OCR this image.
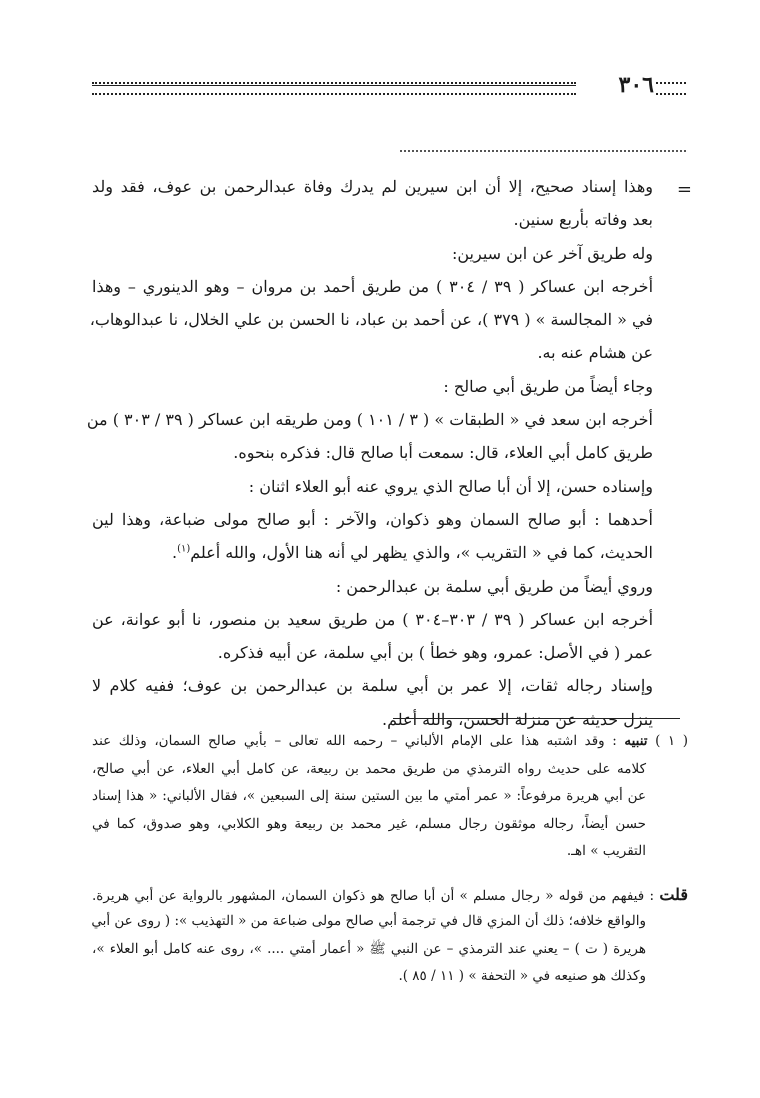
٣٠٦
=
وهذا إسناد صحيح، إلا أن ابن سيرين لم يدرك وفاة عبدالرحمن بن عوف، فقد ولد
بعد وفاته بأربع سنين.
وله طريق آخر عن ابن سيرين:
أخرجه ابن عساكر ( ٣٩ / ٣٠٤ ) من طريق أحمد بن مروان – وهو الدينوري – وهذا
في « المجالسة » ( ٣٧٩ )، عن أحمد بن عباد، نا الحسن بن علي الخلال، نا عبدالوهاب،
عن هشام عنه به.
وجاء أيضاً من طريق أبي صالح :
أخرجه ابن سعد في « الطبقات » ( ٣ / ١٠١ ) ومن طريقه ابن عساكر ( ٣٩ / ٣٠٣ ) من
طريق كامل أبي العلاء، قال: سمعت أبا صالح قال: فذكره بنحوه.
وإسناده حسن، إلا أن أبا صالح الذي يروي عنه أبو العلاء اثنان :
أحدهما : أبو صالح السمان وهو ذكوان، والآخر : أبو صالح مولى ضباعة، وهذا لين
الحديث، كما في « التقريب »، والذي يظهر لي أنه هنا الأول، والله أعلم$^{(١)}$.
وروي أيضاً من طريق أبي سلمة بن عبدالرحمن :
أخرجه ابن عساكر ( ٣٩ / ٣٠٣–٣٠٤ ) من طريق سعيد بن منصور، نا أبو عوانة، عن
عمر ( في الأصل: عمرو، وهو خطأ ) بن أبي سلمة، عن أبيه فذكره.
وإسناد رجاله ثقات، إلا عمر بن أبي سلمة بن عبدالرحمن بن عوف؛ ففيه كلام لا
ينزل حديثه عن منزلة الحسن، والله أعلم.
( ١ ) تنبيه : وقد اشتبه هذا على الإمام الألباني – رحمه الله تعالى – بأبي صالح السمان، وذلك عند
كلامه على حديث رواه الترمذي من طريق محمد بن ربيعة، عن كامل أبي العلاء، عن أبي صالح،
عن أبي هريرة مرفوعاً: « عمر أمتي ما بين الستين سنة إلى السبعين »، فقال الألباني: « هذا إسناد
حسن أيضاً، رجاله موثقون رجال مسلم، غير محمد بن ربيعة وهو الكلابي، وهو صدوق، كما في
التقريب » اهـ.
قلت : فيفهم من قوله « رجال مسلم » أن أبا صالح هو ذكوان السمان، المشهور بالرواية عن أبي هريرة.
والواقع خلافه؛ ذلك أن المزي قال في ترجمة أبي صالح مولى ضباعة من « التهذيب »: ( روى عن أبي
هريرة ( ت ) – يعني عند الترمذي – عن النبي ﷺ « أعمار أمتي .... »، روى عنه كامل أبو العلاء »،
وكذلك هو صنيعه في « التحفة » ( ١١ / ٨٥ ).
